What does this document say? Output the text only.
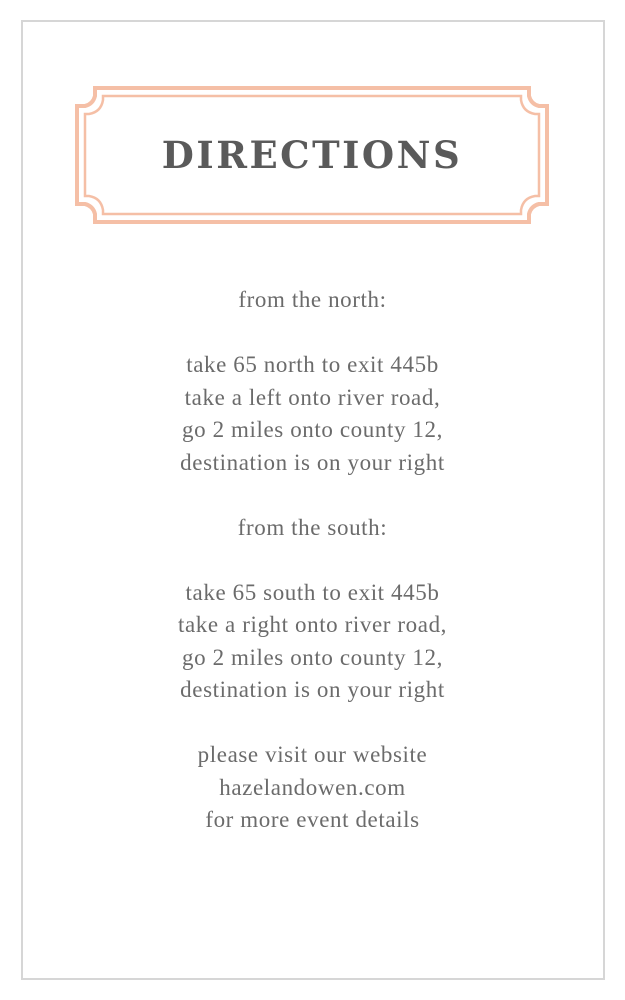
DIRECTIONS
from the north:
take 65 north to exit 445b
take a left onto river road,
go 2 miles onto county 12,
destination is on your right
from the south:
take 65 south to exit 445b
take a right onto river road,
go 2 miles onto county 12,
destination is on your right
please visit our website
hazelandowen.com
for more event details
